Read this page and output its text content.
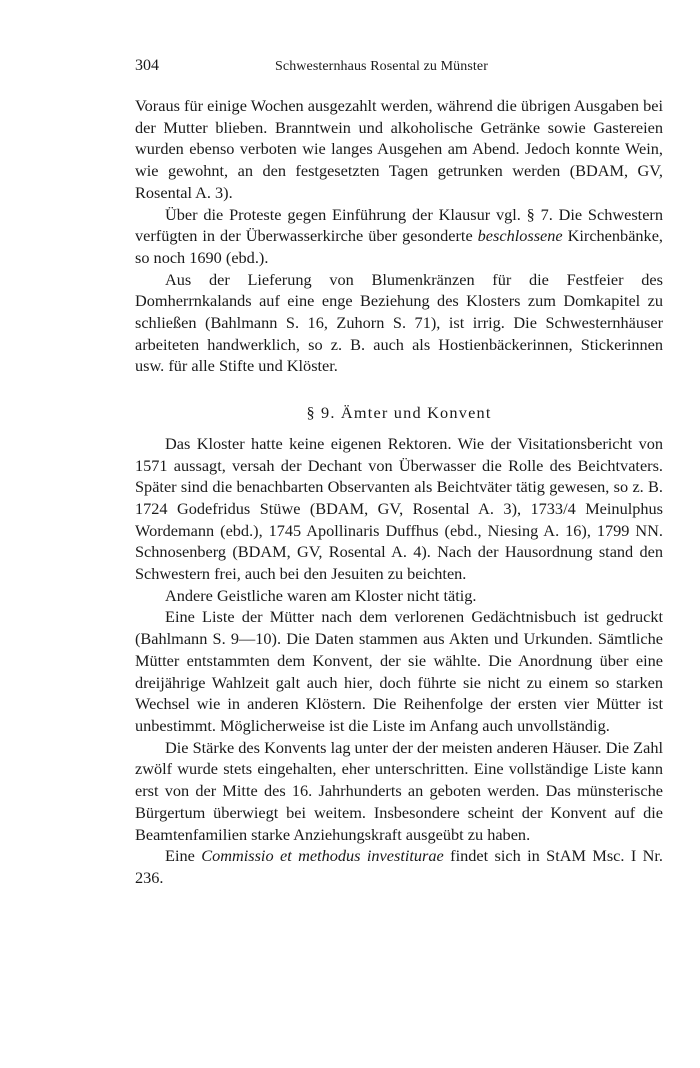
304	Schwesternhaus Rosental zu Münster

Voraus für einige Wochen ausgezahlt werden, während die übrigen Ausgaben bei der Mutter blieben. Branntwein und alkoholische Getränke sowie Gastereien wurden ebenso verboten wie langes Ausgehen am Abend. Jedoch konnte Wein, wie gewohnt, an den festgesetzten Tagen getrunken werden (BDAM, GV, Rosental A. 3).

Über die Proteste gegen Einführung der Klausur vgl. § 7. Die Schwestern verfügten in der Überwasserkirche über gesonderte beschlossene Kirchenbänke, so noch 1690 (ebd.).

Aus der Lieferung von Blumenkränzen für die Festfeier des Domherrnkalands auf eine enge Beziehung des Klosters zum Domkapitel zu schließen (Bahlmann S. 16, Zuhorn S. 71), ist irrig. Die Schwesternhäuser arbeiteten handwerklich, so z. B. auch als Hostienbäckerinnen, Stickerinnen usw. für alle Stifte und Klöster.

§ 9. Ämter und Konvent

Das Kloster hatte keine eigenen Rektoren. Wie der Visitationsbericht von 1571 aussagt, versah der Dechant von Überwasser die Rolle des Beichtvaters. Später sind die benachbarten Observanten als Beichtväter tätig gewesen, so z. B. 1724 Godefridus Stüwe (BDAM, GV, Rosental A. 3), 1733/4 Meinulphus Wordemann (ebd.), 1745 Apollinaris Duffhus (ebd., Niesing A. 16), 1799 NN. Schnosenberg (BDAM, GV, Rosental A. 4). Nach der Hausordnung stand den Schwestern frei, auch bei den Jesuiten zu beichten.

Andere Geistliche waren am Kloster nicht tätig.

Eine Liste der Mütter nach dem verlorenen Gedächtnisbuch ist gedruckt (Bahlmann S. 9—10). Die Daten stammen aus Akten und Urkunden. Sämtliche Mütter entstammten dem Konvent, der sie wählte. Die Anordnung über eine dreijährige Wahlzeit galt auch hier, doch führte sie nicht zu einem so starken Wechsel wie in anderen Klöstern. Die Reihenfolge der ersten vier Mütter ist unbestimmt. Möglicherweise ist die Liste im Anfang auch unvollständig.

Die Stärke des Konvents lag unter der der meisten anderen Häuser. Die Zahl zwölf wurde stets eingehalten, eher unterschritten. Eine vollständige Liste kann erst von der Mitte des 16. Jahrhunderts an geboten werden. Das münsterische Bürgertum überwiegt bei weitem. Insbesondere scheint der Konvent auf die Beamtenfamilien starke Anziehungskraft ausgeübt zu haben.

Eine Commissio et methodus investiturae findet sich in StAM Msc. I Nr. 236.
